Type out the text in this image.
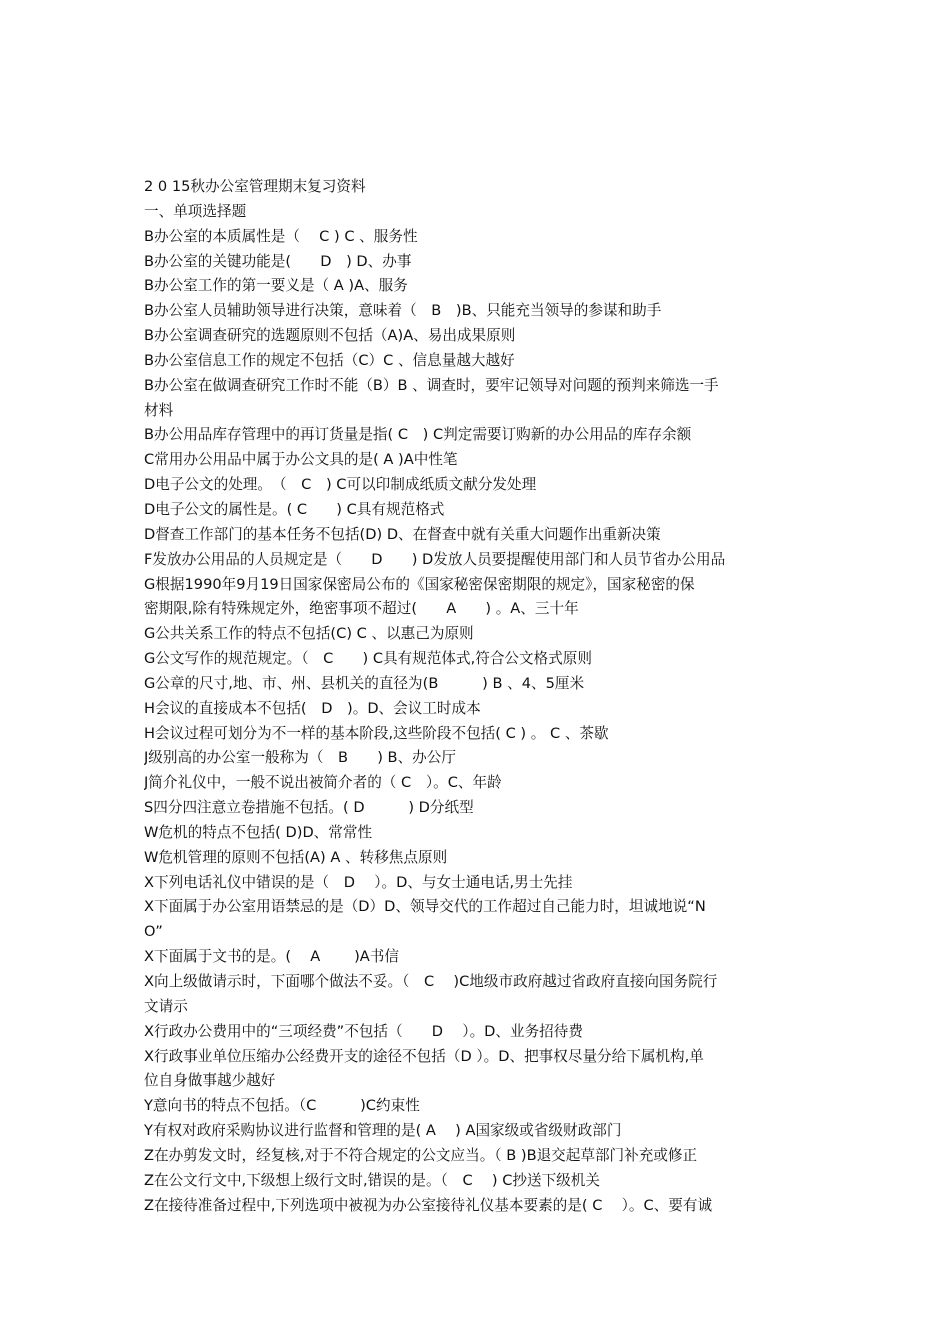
2 0 15秋办公室管理期末复习资料
一、单项选择题
B办公室的本质属性是（　 C ) C 、服务性
B办公室的关键功能是(　　D　) D、办事
B办公室工作的第一要义是（ A )A、服务
B办公室人员辅助领导进行决策，意味着（　B　)B、只能充当领导的参谋和助手
B办公室调查研究的选题原则不包括（A)A、易出成果原则
B办公室信息工作的规定不包括（C）C 、信息量越大越好
B办公室在做调查研究工作时不能（B）B 、调查时，要牢记领导对问题的预判来筛选一手
材料
B办公用品库存管理中的再订货量是指( C　) C判定需要订购新的办公用品的库存余额
C常用办公用品中属于办公文具的是( A )A中性笔
D电子公文的处理。　（　C　) C可以印制成纸质文献分发处理
D电子公文的属性是。( C　　) C具有规范格式
D督查工作部门的基本任务不包括(D) D、在督查中就有关重大问题作出重新决策
F发放办公用品的人员规定是（　　D　　) D发放人员要提醒使用部门和人员节省办公用品
G根据1990年9月19日国家保密局公布的《国家秘密保密期限的规定》，国家秘密的保
密期限,除有特殊规定外，绝密事项不超过(　　A　　) 。A、三十年
G公共关系工作的特点不包括(C) C 、以惠己为原则
G公文写作的规范规定。（　C　　) C具有规范体式,符合公文格式原则
G公章的尺寸,地、市、州、县机关的直径为(B　　　) B 、4、5厘米
H会议的直接成本不包括(　D　)。D、会议工时成本
H会议过程可划分为不一样的基本阶段,这些阶段不包括( C ) 。 C 、茶歇
J级别高的办公室一般称为（　B　　) B、办公厅
J简介礼仪中，一般不说出被简介者的（ C　）。C、年龄
S四分四注意立卷措施不包括。( D　　　) D分纸型
W危机的特点不包括( D)D、常常性
W危机管理的原则不包括(A) A 、转移焦点原则
X下列电话礼仪中错误的是（　D　 ）。D、与女士通电话,男士先挂
X下面属于办公室用语禁忌的是（D）D、领导交代的工作超过自己能力时，坦诚地说“N
O”
X下面属于文书的是。(　 A　　 )A书信
X向上级做请示时，下面哪个做法不妥。（　C　 )C地级市政府越过省政府直接向国务院行
文请示
X行政办公费用中的“三项经费”不包括（　　D　 ）。D、业务招待费
X行政事业单位压缩办公经费开支的途径不包括（D ）。D、把事权尽量分给下属机构,单
位自身做事越少越好
Y意向书的特点不包括。（C　　　)C约束性
Y有权对政府采购协议进行监督和管理的是( A　 ) A国家级或省级财政部门
Z在办剪发文时，经复核,对于不符合规定的公文应当。（ B )B退交起草部门补充或修正
Z在公文行文中,下级想上级行文时,错误的是。（　C　 ) C抄送下级机关
Z在接待准备过程中,下列选项中被视为办公室接待礼仪基本要素的是( C　 ）。C、要有诚
